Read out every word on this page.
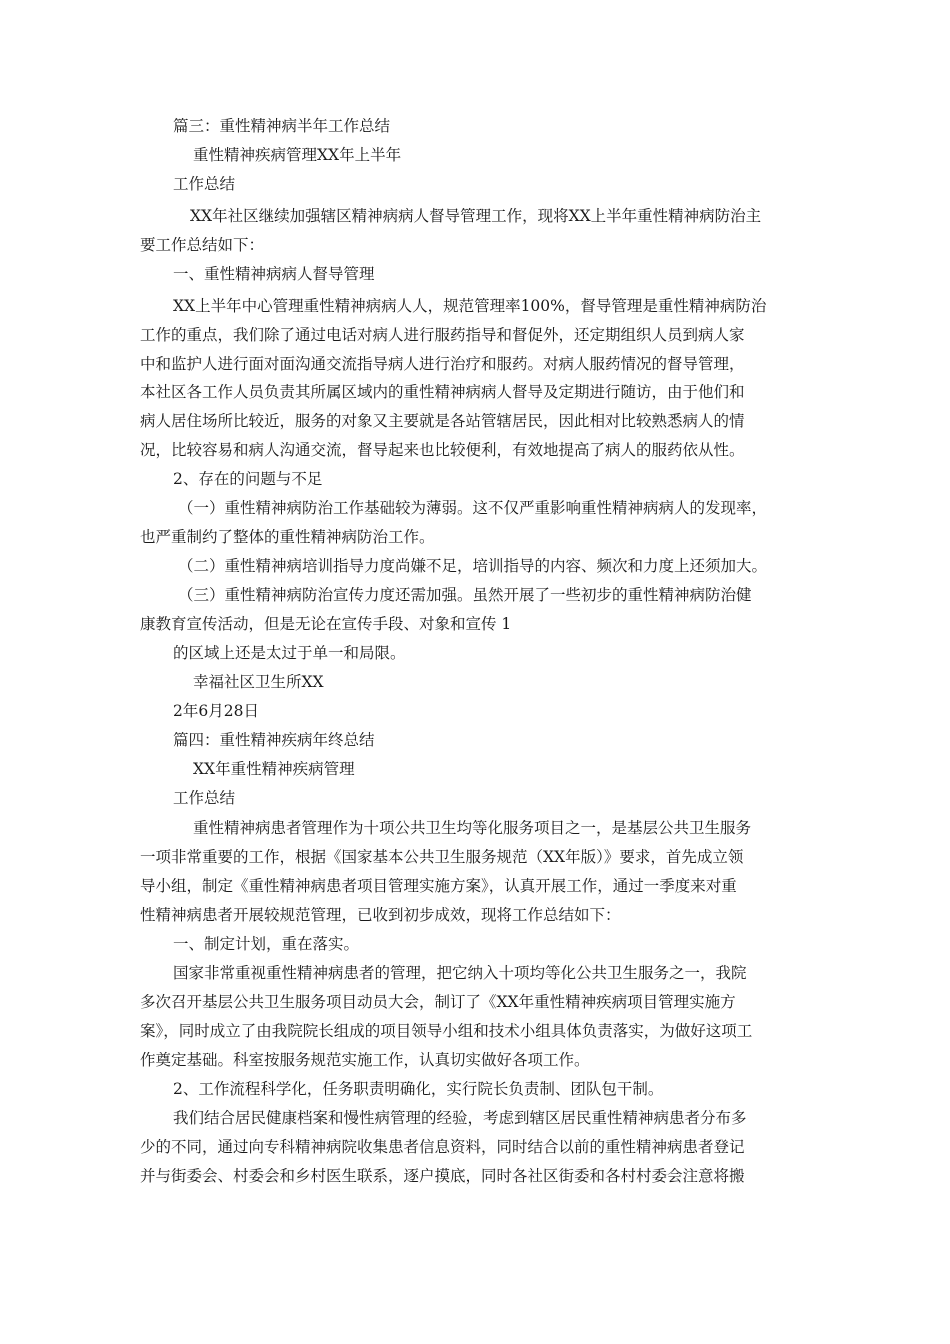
篇三：重性精神病半年工作总结
重性精神疾病管理XX年上半年
工作总结
XX年社区继续加强辖区精神病病人督导管理工作，现将XX上半年重性精神病防治主
要工作总结如下：
一、重性精神病病人督导管理
XX上半年中心管理重性精神病病人人，规范管理率100%，督导管理是重性精神病防治
工作的重点，我们除了通过电话对病人进行服药指导和督促外，还定期组织人员到病人家
中和监护人进行面对面沟通交流指导病人进行治疗和服药。对病人服药情况的督导管理，
本社区各工作人员负责其所属区域内的重性精神病病人督导及定期进行随访，由于他们和
病人居住场所比较近，服务的对象又主要就是各站管辖居民，因此相对比较熟悉病人的情
况，比较容易和病人沟通交流，督导起来也比较便利，有效地提高了病人的服药依从性。
2、存在的问题与不足
（一）重性精神病防治工作基础较为薄弱。这不仅严重影响重性精神病病人的发现率，
也严重制约了整体的重性精神病防治工作。
（二）重性精神病培训指导力度尚嫌不足，培训指导的内容、频次和力度上还须加大。
（三）重性精神病防治宣传力度还需加强。虽然开展了一些初步的重性精神病防治健
康教育宣传活动，但是无论在宣传手段、对象和宣传 1
的区域上还是太过于单一和局限。
幸福社区卫生所XX
2年6月28日
篇四：重性精神疾病年终总结
XX年重性精神疾病管理
工作总结
重性精神病患者管理作为十项公共卫生均等化服务项目之一，是基层公共卫生服务
一项非常重要的工作，根据《国家基本公共卫生服务规范（XX年版）》要求，首先成立领
导小组，制定《重性精神病患者项目管理实施方案》，认真开展工作，通过一季度来对重
性精神病患者开展较规范管理，已收到初步成效，现将工作总结如下：
一、制定计划，重在落实。
国家非常重视重性精神病患者的管理，把它纳入十项均等化公共卫生服务之一，我院
多次召开基层公共卫生服务项目动员大会，制订了《XX年重性精神疾病项目管理实施方
案》，同时成立了由我院院长组成的项目领导小组和技术小组具体负责落实，为做好这项工
作奠定基础。科室按服务规范实施工作，认真切实做好各项工作。
2、工作流程科学化，任务职责明确化，实行院长负责制、团队包干制。
我们结合居民健康档案和慢性病管理的经验，考虑到辖区居民重性精神病患者分布多
少的不同，通过向专科精神病院收集患者信息资料，同时结合以前的重性精神病患者登记
并与街委会、村委会和乡村医生联系，逐户摸底，同时各社区街委和各村村委会注意将搬
